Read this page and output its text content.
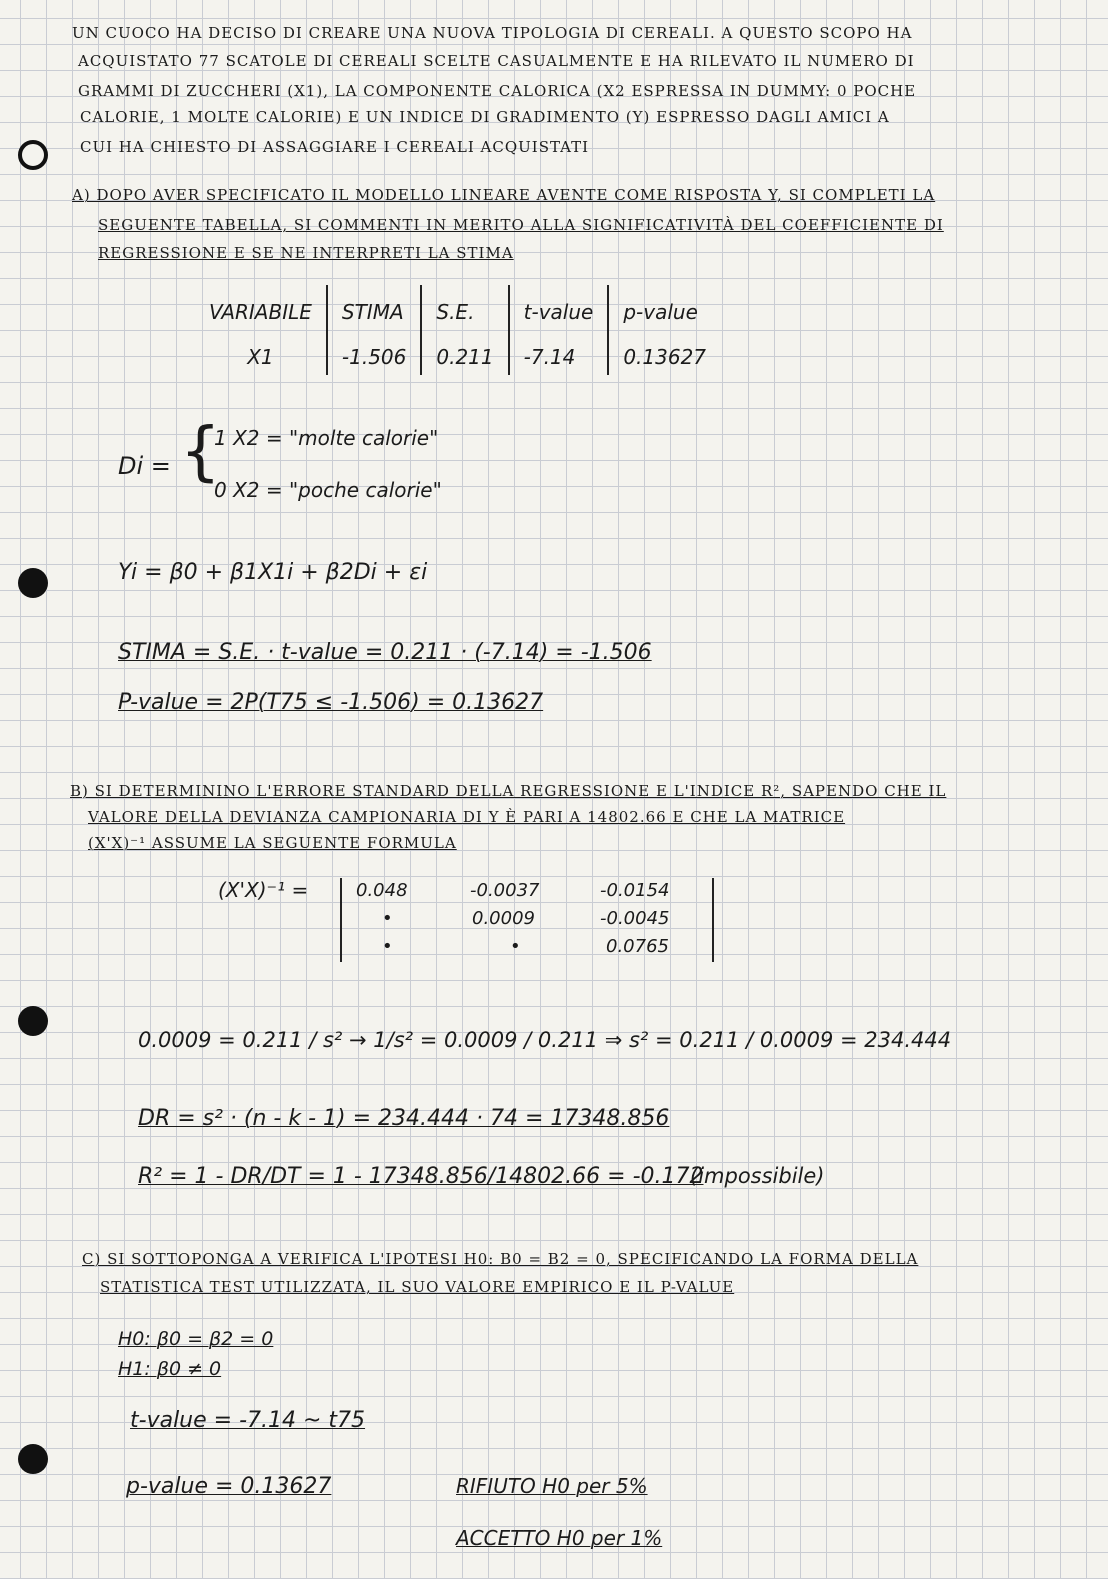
UN CUOCO HA DECISO DI CREARE UNA NUOVA TIPOLOGIA DI CEREALI. A QUESTO SCOPO HA
ACQUISTATO 77 SCATOLE DI CEREALI SCELTE CASUALMENTE E HA RILEVATO IL NUMERO DI
GRAMMI DI ZUCCHERI (X1), LA COMPONENTE CALORICA (X2 ESPRESSA IN DUMMY: 0 POCHE
CALORIE, 1 MOLTE CALORIE) E UN INDICE DI GRADIMENTO (Y) ESPRESSO DAGLI AMICI A
CUI HA CHIESTO DI ASSAGGIARE I CEREALI ACQUISTATI
A) DOPO AVER SPECIFICATO IL MODELLO LINEARE AVENTE COME RISPOSTA Y, SI COMPLETI LA
SEGUENTE TABELLA, SI COMMENTI IN MERITO ALLA SIGNIFICATIVITÀ DEL COEFFICIENTE DI
REGRESSIONE E SE NE INTERPRETI LA STIMA
VARIABILE	STIMA	S.E.	t-value	p-value
X1	-1.506	0.211	-7.14	0.13627
Di = {
1 X2 = "molte calorie"
0 X2 = "poche calorie"
Yi = β0 + β1X1i + β2Di + εi
STIMA = S.E. · t-value = 0.211 · (-7.14) = -1.506
P-value = 2P(T75 ≤ -1.506) = 0.13627
B) SI DETERMININO L'ERRORE STANDARD DELLA REGRESSIONE E L'INDICE R², SAPENDO CHE IL
VALORE DELLA DEVIANZA CAMPIONARIA DI Y È PARI A 14802.66 E CHE LA MATRICE
(X'X)⁻¹ ASSUME LA SEGUENTE FORMULA
(X'X)⁻¹ =	0.048	-0.0037	-0.0154
•	0.0009	-0.0045
•	•	0.0765
0.0009 = 0.211 / s² → 1/s² = 0.0009 / 0.211 ⇒ s² = 0.211 / 0.0009 = 234.444
DR = s² · (n - k - 1) = 234.444 · 74 = 17348.856
R² = 1 - DR/DT = 1 - 17348.856/14802.66 = -0.172
(impossibile)
C) SI SOTTOPONGA A VERIFICA L'IPOTESI H0: Β0 = Β2 = 0, SPECIFICANDO LA FORMA DELLA
STATISTICA TEST UTILIZZATA, IL SUO VALORE EMPIRICO E IL P-VALUE
H0: β0 = β2 = 0
H1: β0 ≠ 0
t-value = -7.14 ~ t75
p-value = 0.13627	RIFIUTO H0 per 5%
ACCETTO H0 per 1%
